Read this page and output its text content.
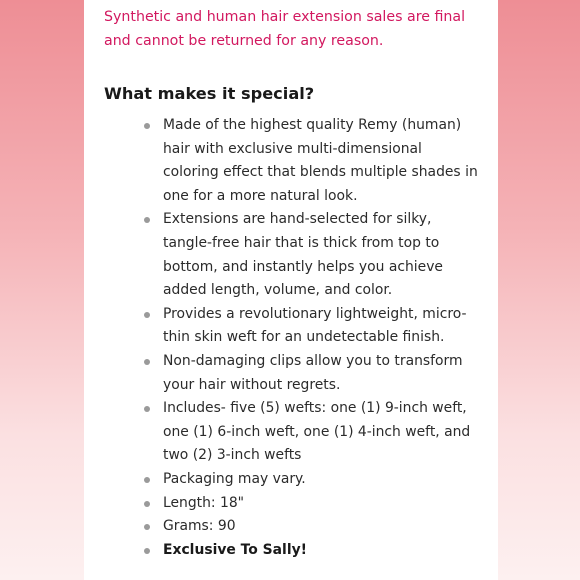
Synthetic and human hair extension sales are final and cannot be returned for any reason.

What makes it special?
Made of the highest quality Remy (human) hair with exclusive multi-dimensional coloring effect that blends multiple shades in one for a more natural look.
Extensions are hand-selected for silky, tangle-free hair that is thick from top to bottom, and instantly helps you achieve added length, volume, and color.
Provides a revolutionary lightweight, micro-thin skin weft for an undetectable finish.
Non-damaging clips allow you to transform your hair without regrets.
Includes- five (5) wefts: one (1) 9-inch weft, one (1) 6-inch weft, one (1) 4-inch weft, and two (2) 3-inch wefts
Packaging may vary.
Length: 18"
Grams: 90
Exclusive To Sally!
